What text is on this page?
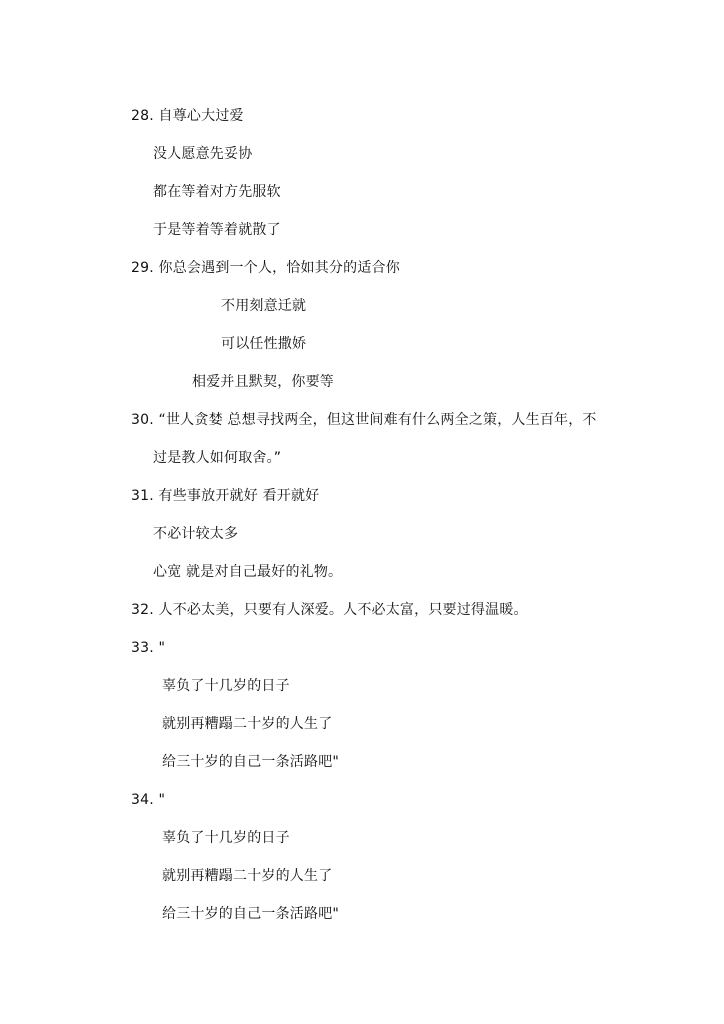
28. 自尊心大过爱
没人愿意先妥协
都在等着对方先服软
于是等着等着就散了
29. 你总会遇到一个人，恰如其分的适合你
不用刻意迁就
可以任性撒娇
相爱并且默契，你要等
30. “世人贪婪 总想寻找两全，但这世间难有什么两全之策，人生百年，不
过是教人如何取舍。”
31. 有些事放开就好 看开就好
不必计较太多
心宽 就是对自己最好的礼物。
32. 人不必太美，只要有人深爱。人不必太富，只要过得温暖。
33. "
辜负了十几岁的日子
就别再糟蹋二十岁的人生了
给三十岁的自己一条活路吧"
34. "
辜负了十几岁的日子
就别再糟蹋二十岁的人生了
给三十岁的自己一条活路吧"
